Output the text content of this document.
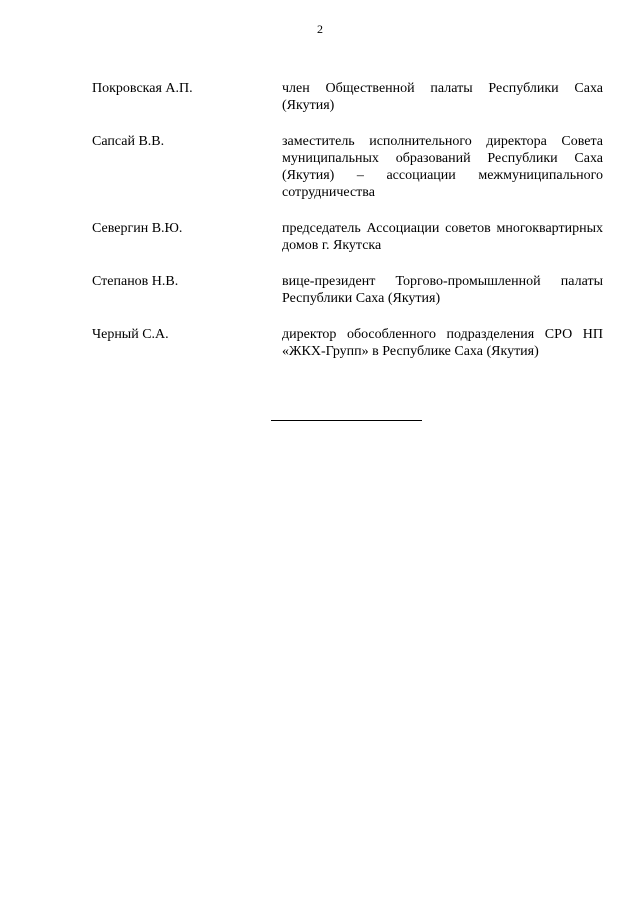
2
Покровская А.П.	член Общественной палаты Республики Саха (Якутия)
Сапсай В.В.	заместитель исполнительного директора Совета муниципальных образований Республики Саха (Якутия) – ассоциации межмуниципального сотрудничества
Севергин В.Ю.	председатель Ассоциации советов многоквартирных домов г. Якутска
Степанов Н.В.	вице-президент Торгово-промышленной палаты Республики Саха (Якутия)
Черный С.А.	директор обособленного подразделения СРО НП «ЖКХ-Групп» в Республике Саха (Якутия)
